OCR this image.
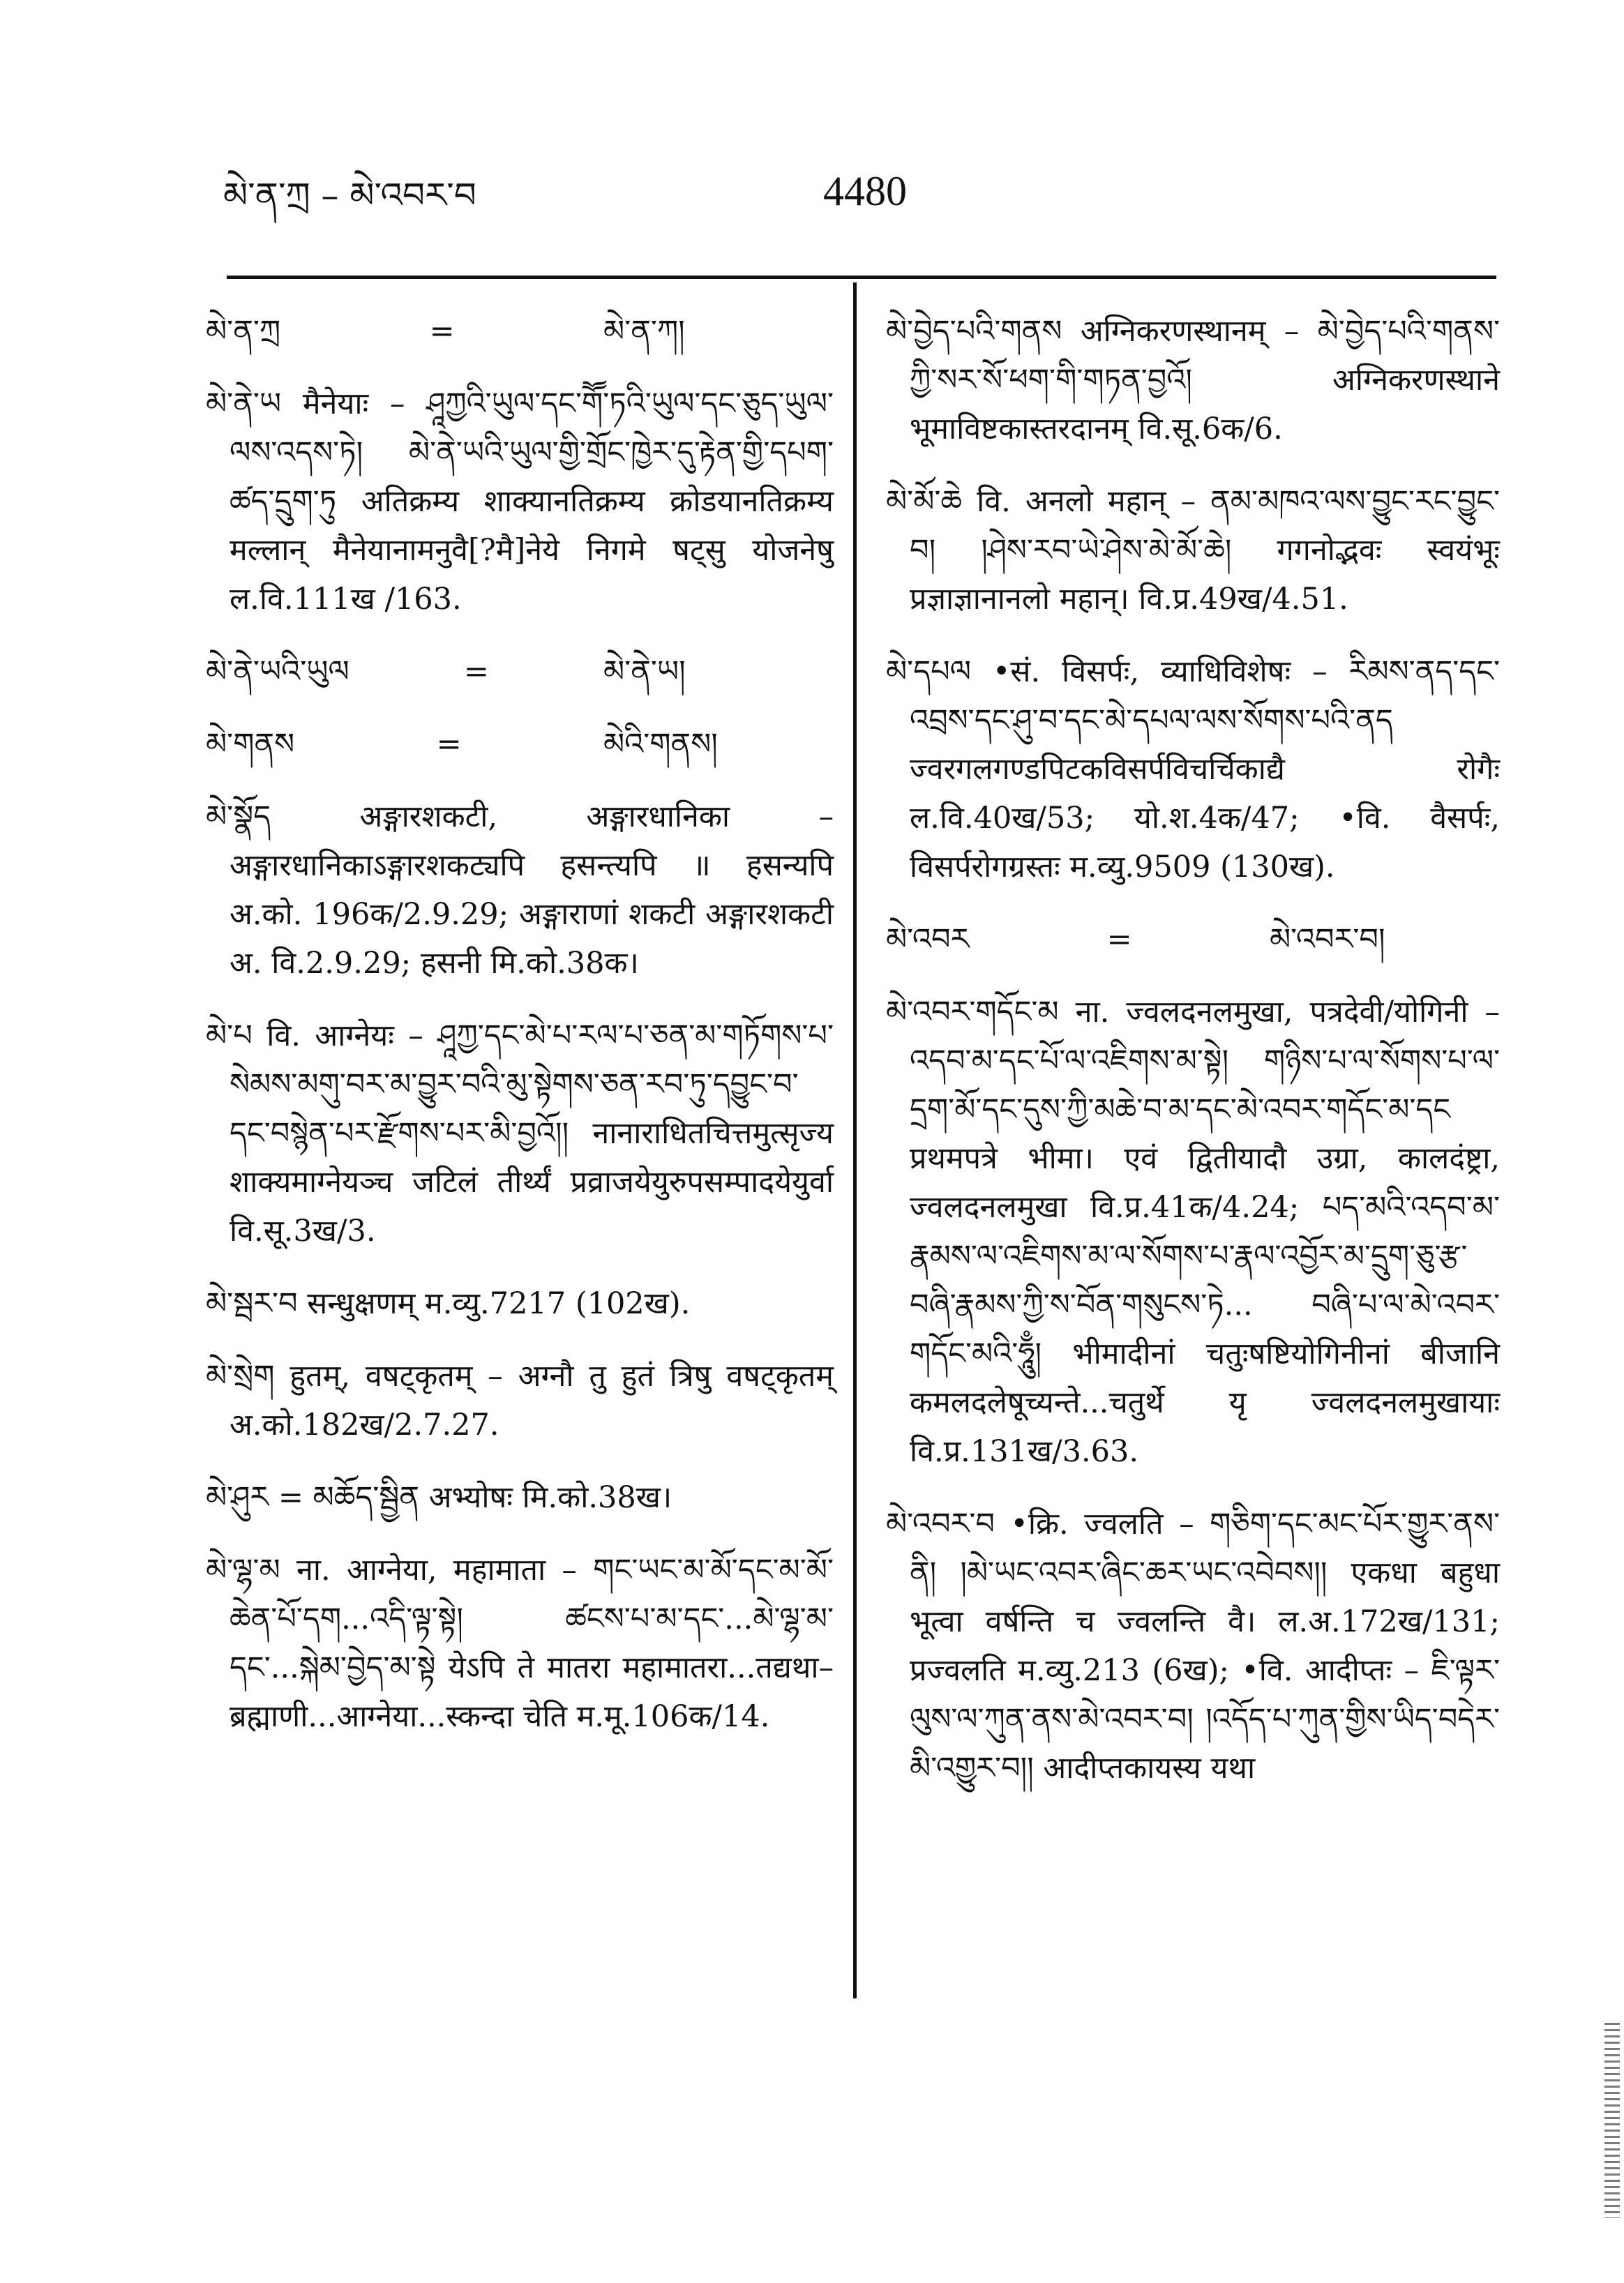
མེ་ན་ཀྲ – མེ་འབར་བ	4480
མེ་ན་ཀྲ	=	མེ་ན་ཀ།
མེ་ནེ་ཡ मैनेयाः – ཤཱཀྱའི་ཡུལ་དང་གཽ་ཏའི་ཡུལ་དང་ཅུད་ཡུལ་ལས་འདས་ཏེ། མེ་ནེ་ཡའི་ཡུལ་གྱི་གྲོང་ཁྱེར་དུ་རྟེན་གྱི་དཔག་ཚད་དྲུག་ཏུ अतिक्रम्य शाक्यानतिक्रम्य क्रोडयानतिक्रम्य मल्लान् मैनेयानामनुवै[?मै]नेये निगमे षट्सु योजनेषु ल.वि.111ख /163.
མེ་ནེ་ཡའི་ཡུལ	=	མེ་ནེ་ཡ།
མེ་གནས	=	མེའི་གནས།
མེ་སྣོད अङ्गारशकटी, अङ्गारधानिका – अङ्गारधानिकाऽङ्गारशकट्यपि हसन्त्यपि ॥ हसन्यपि अ.को. 196क/2.9.29; अङ्गाराणां शकटी अङ्गारशकटी अ. वि.2.9.29; हसनी मि.को.38क।
མེ་པ वि. आग्नेयः – ཤཱཀྱ་དང་མེ་པ་རལ་པ་ཅན་མ་གཏོགས་པ་སེམས་མགུ་བར་མ་བྱུར་བའི་མུ་སྟེགས་ཅན་རབ་ཏུ་དབྱུང་བ་དང་བསྙེན་པར་རྫོགས་པར་མི་བྱའོ།། नानाराधितचित्तमुत्सृज्य शाक्यमाग्नेयञ्च जटिलं तीर्थ्यं प्रव्राजयेयुरुपसम्पादयेयुर्वा वि.सू.3ख/3.
མེ་སྦར་བ सन्धुक्षणम् म.व्यु.7217 (102ख).
མེ་སྲེག हुतम्, वषट्कृतम् – अग्नौ तु हुतं त्रिषु वषट्कृतम् अ.को.182ख/2.7.27.
མེ་ཤུར = མཆོད་སྦྱིན अभ्योषः मि.को.38ख।
མེ་ལྷ་མ ना. आग्नेया, महामाता – གང་ཡང་མ་མོ་དང་མ་མོ་ཆེན་པོ་དག...འདི་ལྟ་སྟེ། ཚངས་པ་མ་དང་...མེ་ལྷ་མ་དང་...སྐེམ་བྱེད་མ་སྟེ येऽपि ते मातरा महामातरा...तद्यथा–ब्रह्माणी...आग्नेया...स्कन्दा चेति म.मू.106क/14.
མེ་བྱེད་པའི་གནས अग्निकरणस्थानम् – མེ་བྱེད་པའི་གནས་ཀྱི་སར་སོ་ཕག་གི་གཏན་བྱའོ། अग्निकरणस्थाने भूमाविष्टकास्तरदानम् वि.सू.6क/6.
མེ་མོ་ཆེ वि. अनलो महान् – ནམ་མཁའ་ལས་བྱུང་རང་བྱུང་བ། །ཤེས་རབ་ཡེ་ཤེས་མེ་མོ་ཆེ། गगनोद्भवः स्वयंभूः प्रज्ञाज्ञानानलो महान्। वि.प्र.49ख/4.51.
མེ་དཔལ •सं. विसर्पः, व्याधिविशेषः – རིམས་ནད་དང་འབྲས་དང་ཤུ་བ་དང་མེ་དཔལ་ལས་སོགས་པའི་ནད ज्वरगलगण्डपिटकविसर्पविचर्चिकाद्यै रोगैः ल.वि.40ख/53; यो.श.4क/47; •वि. वैसर्पः, विसर्परोगग्रस्तः म.व्यु.9509 (130ख).
མེ་འབར	=	མེ་འབར་བ།
མེ་འབར་གདོང་མ ना. ज्वलदनलमुखा, पत्रदेवी/योगिनी – འདབ་མ་དང་པོ་ལ་འཇིགས་མ་སྟེ། གཉིས་པ་ལ་སོགས་པ་ལ་དྲག་མོ་དང་དུས་ཀྱི་མཆེ་བ་མ་དང་མེ་འབར་གདོང་མ་དང प्रथमपत्रे भीमा। एवं द्वितीयादौ उग्रा, कालदंष्ट्रा, ज्वलदनलमुखा वि.प्र.41क/4.24; པད་མའི་འདབ་མ་རྣམས་ལ་འཇིགས་མ་ལ་སོགས་པ་རྣལ་འབྱོར་མ་དྲུག་ཅུ་རྩ་བཞི་རྣམས་ཀྱི་ས་བོན་གསུངས་ཏེ... བཞི་པ་ལ་མེ་འབར་གདོང་མའི་ཧཱུྃ། भीमादीनां चतुःषष्टियोगिनीनां बीजानि कमलदलेषूच्यन्ते...चतुर्थे यृ ज्वलदनलमुखायाः वि.प्र.131ख/3.63.
མེ་འབར་བ •क्रि. ज्वलति – གཅིག་དང་མང་པོར་གྱུར་ནས་ནི། །མེ་ཡང་འབར་ཞིང་ཆར་ཡང་འབེབས།། एकधा बहुधा भूत्वा वर्षन्ति च ज्वलन्ति वै। ल.अ.172ख/131; प्रज्वलति म.व्यु.213 (6ख); •वि. आदीप्तः – ཇི་ལྟར་ལུས་ལ་ཀུན་ནས་མེ་འབར་བ། །འདོད་པ་ཀུན་གྱིས་ཡིད་བདེར་མི་འགྱུར་བ།། आदीप्तकायस्य यथा
